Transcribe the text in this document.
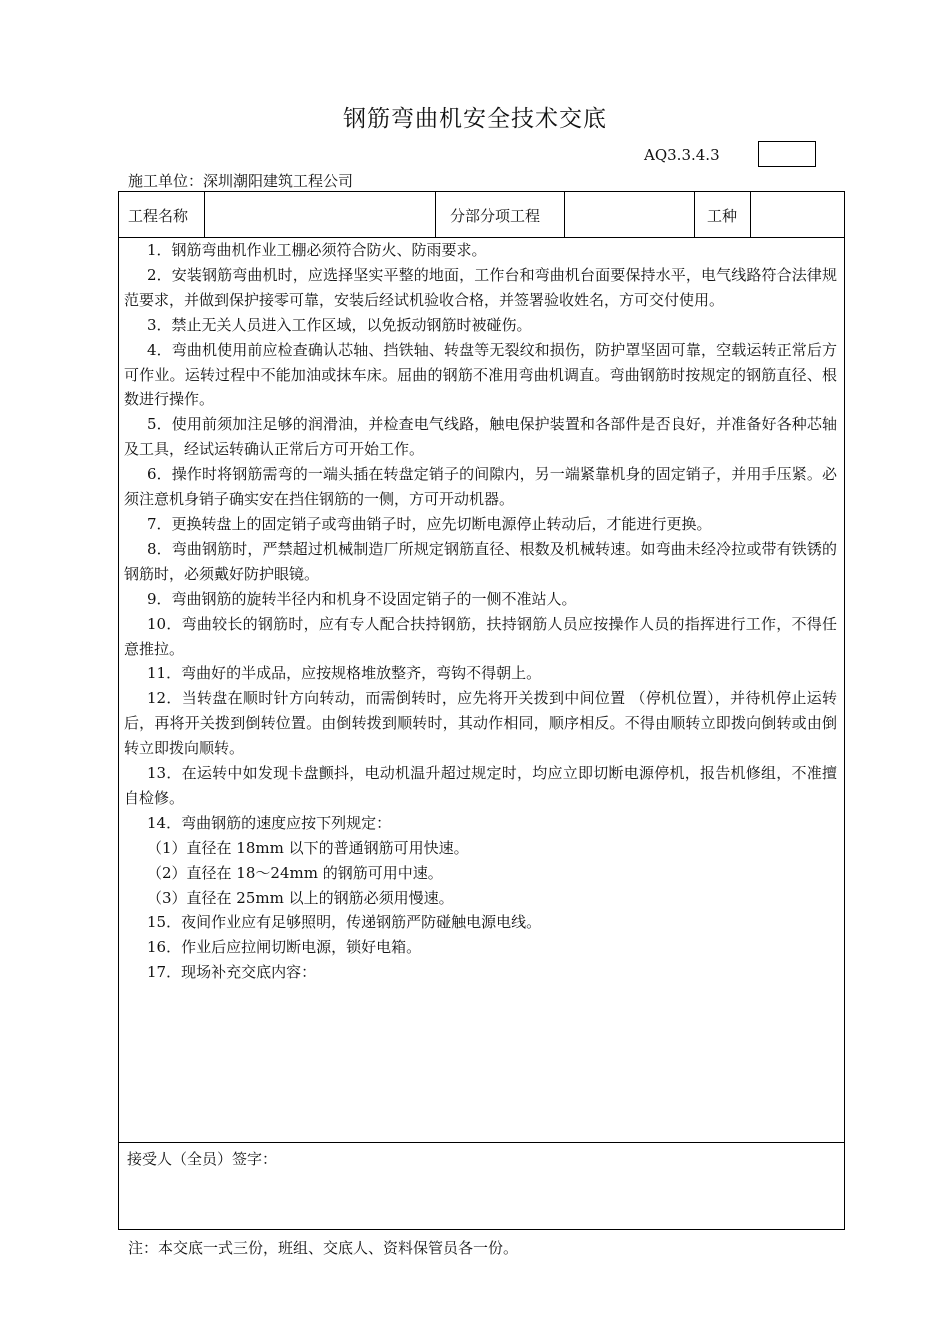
钢筋弯曲机安全技术交底
AQ3.3.4.3
施工单位：深圳潮阳建筑工程公司
工程名称	分部分项工程	工种

1．钢筋弯曲机作业工棚必须符合防火、防雨要求。

2．安装钢筋弯曲机时，应选择坚实平整的地面，工作台和弯曲机台面要保持水平，电气线路符合法律规范要求，并做到保护接零可靠，安装后经试机验收合格，并签署验收姓名，方可交付使用。

3．禁止无关人员进入工作区域，以免扳动钢筋时被碰伤。

4．弯曲机使用前应检查确认芯轴、挡铁轴、转盘等无裂纹和损伤，防护罩坚固可靠，空载运转正常后方可作业。运转过程中不能加油或抹车床。屈曲的钢筋不准用弯曲机调直。弯曲钢筋时按规定的钢筋直径、根数进行操作。

5．使用前须加注足够的润滑油，并检查电气线路，触电保护装置和各部件是否良好，并准备好各种芯轴及工具，经试运转确认正常后方可开始工作。

6．操作时将钢筋需弯的一端头插在转盘定销子的间隙内，另一端紧靠机身的固定销子，并用手压紧。必须注意机身销子确实安在挡住钢筋的一侧，方可开动机器。

7．更换转盘上的固定销子或弯曲销子时，应先切断电源停止转动后，才能进行更换。

8．弯曲钢筋时，严禁超过机械制造厂所规定钢筋直径、根数及机械转速。如弯曲未经冷拉或带有铁锈的钢筋时，必须戴好防护眼镜。

9．弯曲钢筋的旋转半径内和机身不设固定销子的一侧不准站人。

10．弯曲较长的钢筋时，应有专人配合扶持钢筋，扶持钢筋人员应按操作人员的指挥进行工作，不得任意推拉。

11．弯曲好的半成品，应按规格堆放整齐，弯钩不得朝上。

12．当转盘在顺时针方向转动，而需倒转时，应先将开关拨到中间位置 （停机位置），并待机停止运转后，再将开关拨到倒转位置。由倒转拨到顺转时，其动作相同，顺序相反。不得由顺转立即拨向倒转或由倒转立即拨向顺转。

13．在运转中如发现卡盘颤抖，电动机温升超过规定时，均应立即切断电源停机，报告机修组，不准擅自检修。

14．弯曲钢筋的速度应按下列规定：

（1）直径在 18mm 以下的普通钢筋可用快速。

（2）直径在 18～24mm 的钢筋可用中速。

（3）直径在 25mm 以上的钢筋必须用慢速。

15．夜间作业应有足够照明，传递钢筋严防碰触电源电线。

16．作业后应拉闸切断电源，锁好电箱。

17．现场补充交底内容：

接受人（全员）签字：
注：本交底一式三份，班组、交底人、资料保管员各一份。
